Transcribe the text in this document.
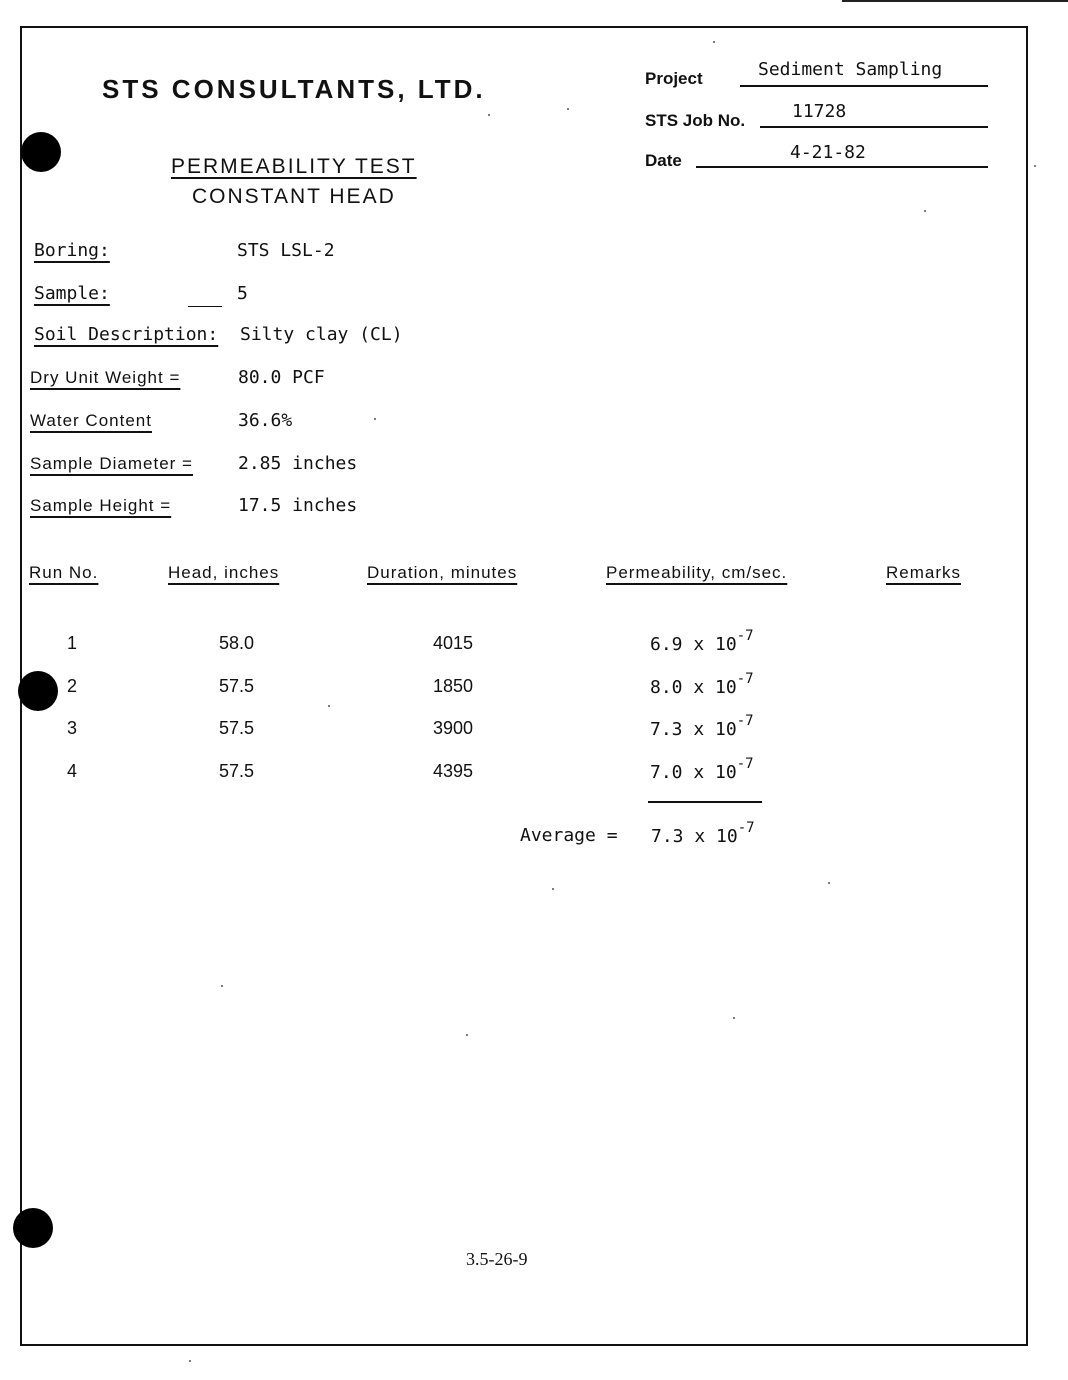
STS CONSULTANTS, LTD.	Project	Sediment Sampling
STS Job No.	11728
Date	4-21-82
PERMEABILITY TEST
CONSTANT HEAD
Boring:	STS LSL-2
Sample:	5
Soil Description: Silty clay (CL)
Dry Unit Weight =	80.0 PCF
Water Content	36.6%
Sample Diameter =	2.85 inches
Sample Height =	17.5 inches
Run No.	Head, inches	Duration, minutes	Permeability, cm/sec.	Remarks
1	58.0	4015	6.9 x $10^{-7}$
2	57.5	1850	8.0 x $10^{-7}$
3	57.5	3900	7.3 x $10^{-7}$
4	57.5	4395	7.0 x $10^{-7}$
Average = 7.3 x $10^{-7}$
3.5-26-9
